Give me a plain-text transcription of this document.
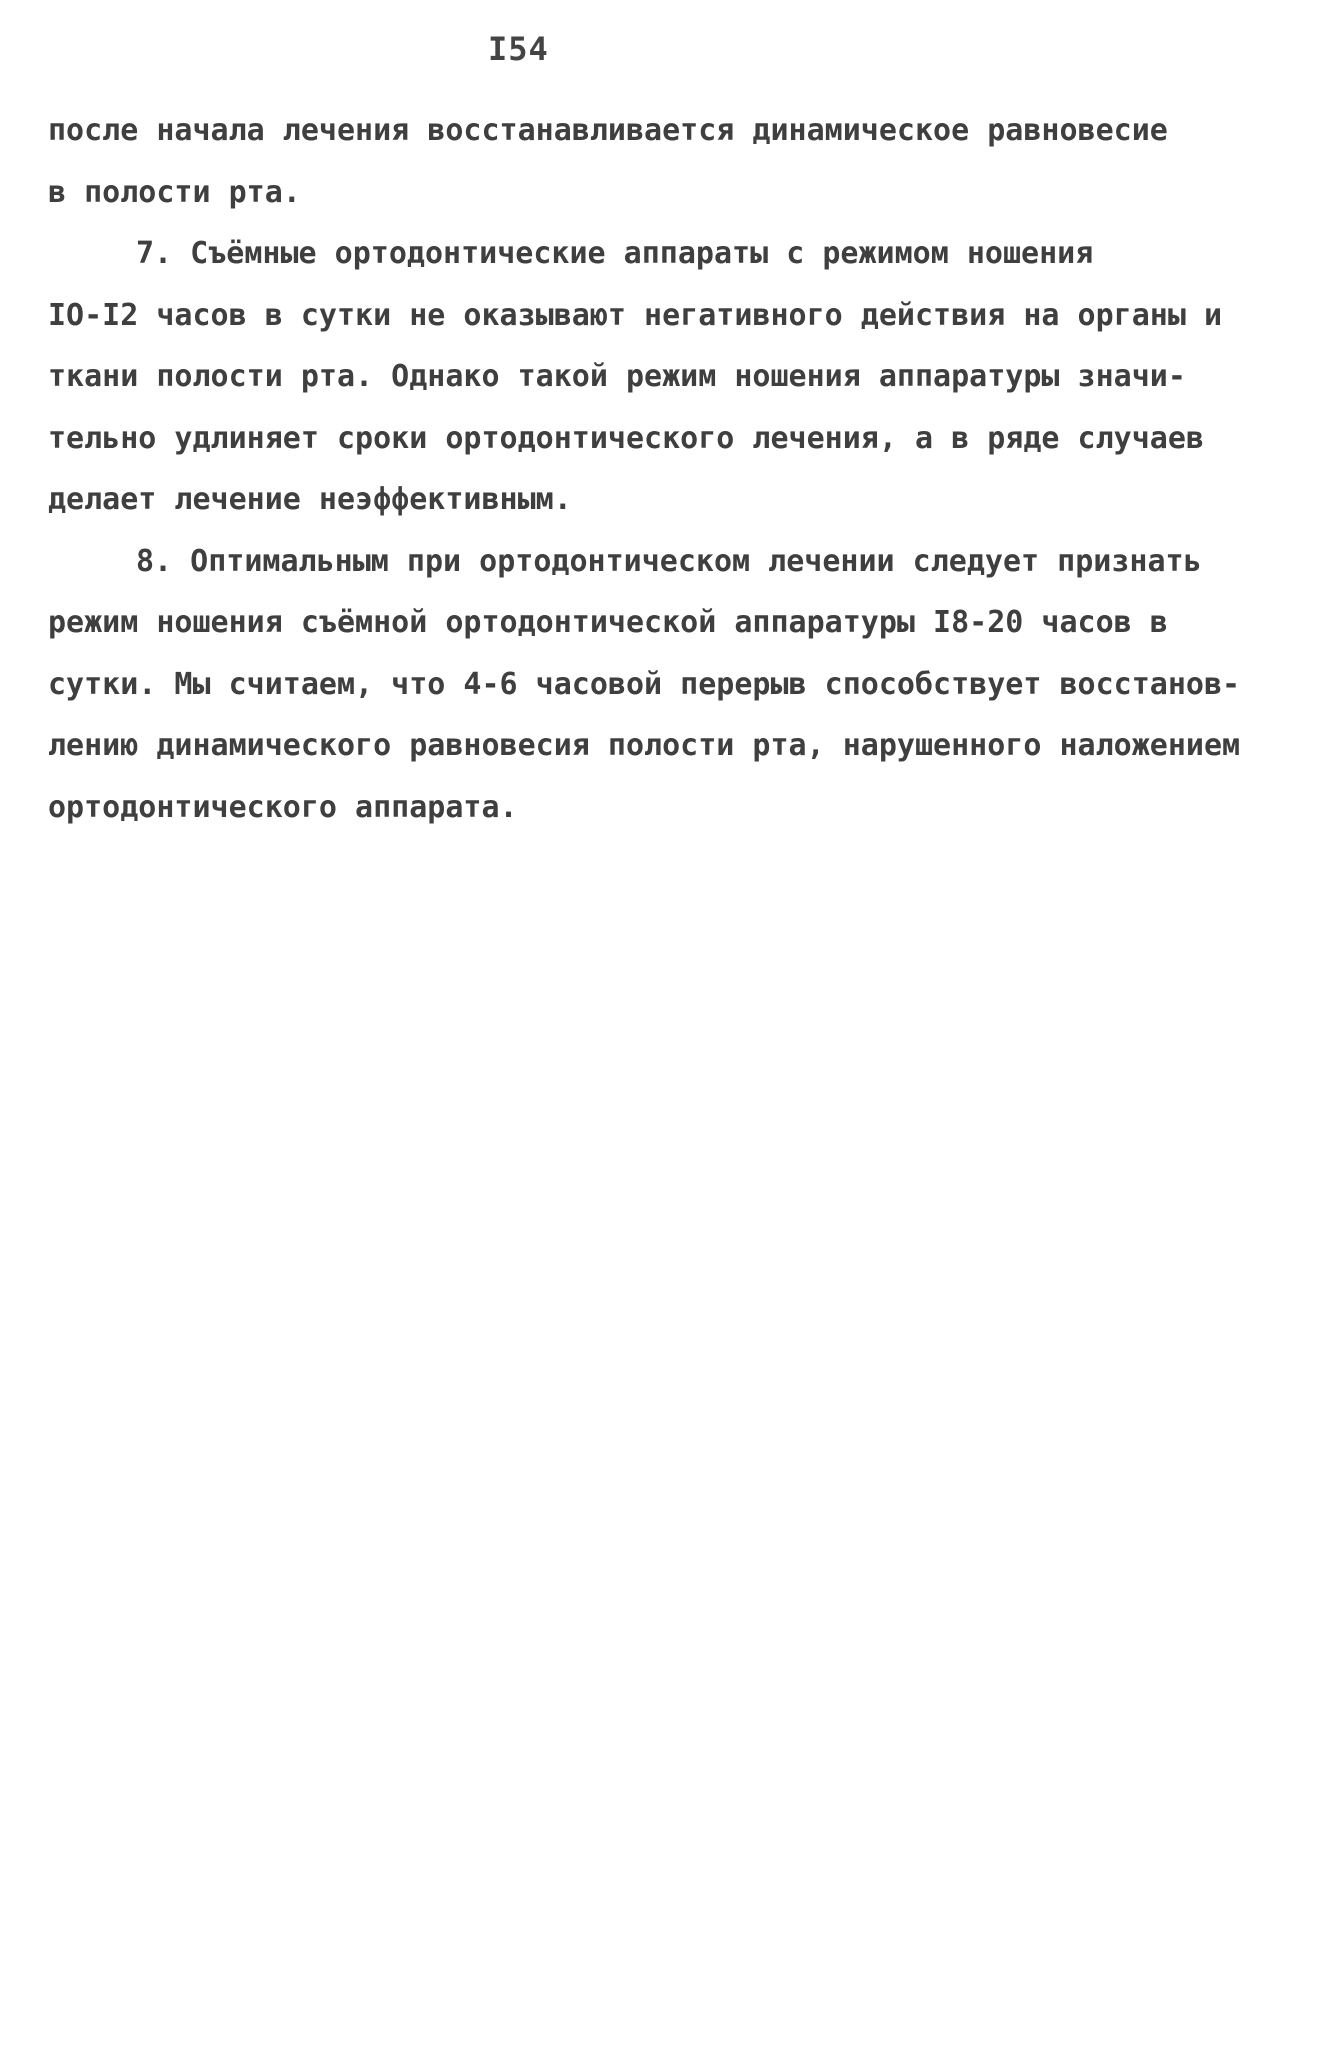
I54
после начала лечения восстанавливается динамическое равновесие
в полости рта.
7. Съёмные ортодонтические аппараты с режимом ношения
IO-I2 часов в сутки не оказывают негативного действия на органы и
ткани полости рта. Однако такой режим ношения аппаратуры значи-
тельно удлиняет сроки ортодонтического лечения, а в ряде случаев
делает лечение неэффективным.
8. Оптимальным при ортодонтическом лечении следует признать
режим ношения съёмной ортодонтической аппаратуры I8-20 часов в
сутки. Мы считаем, что 4-6 часовой перерыв способствует восстанов-
лению динамического равновесия полости рта, нарушенного наложением
ортодонтического аппарата.
